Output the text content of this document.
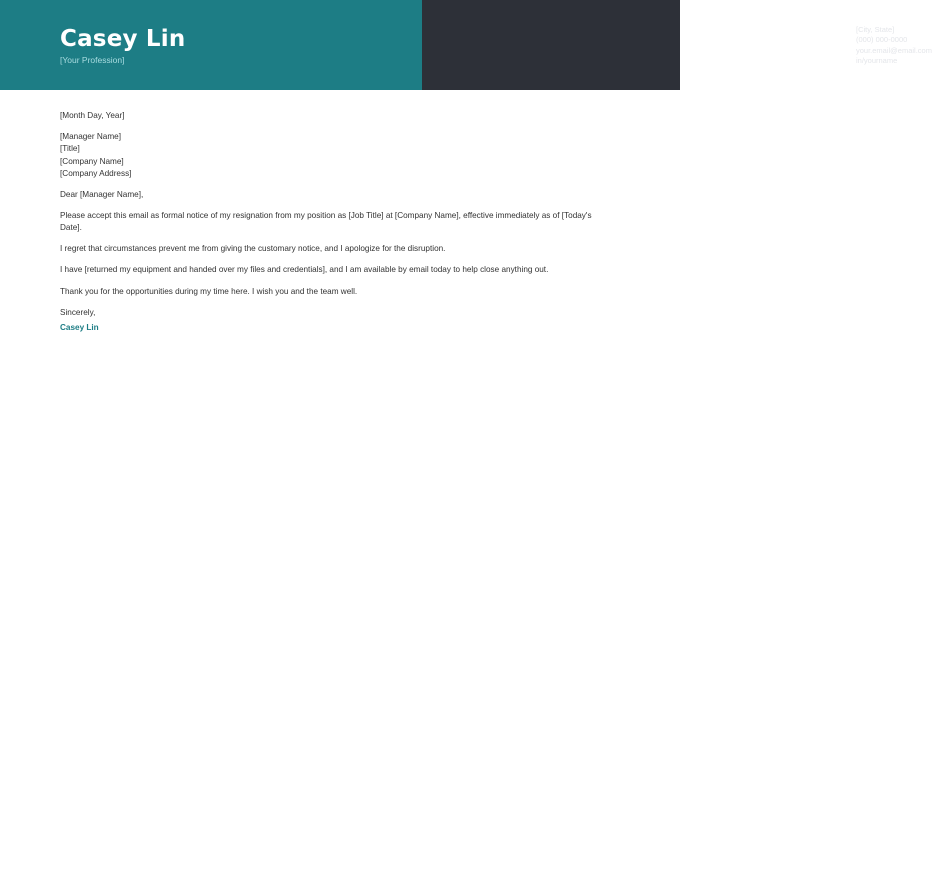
Casey Lin
[Your Profession]
[City, State]
(000) 000-0000
your.email@email.com
in/yourname

[Month Day, Year]

[Manager Name]
[Title]
[Company Name]
[Company Address]

Dear [Manager Name],

Please accept this email as formal notice of my resignation from my position as [Job Title] at [Company Name], effective immediately as of [Today's Date].

I regret that circumstances prevent me from giving the customary notice, and I apologize for the disruption.

I have [returned my equipment and handed over my files and credentials], and I am available by email today to help close anything out.

Thank you for the opportunities during my time here. I wish you and the team well.

Sincerely,

Casey Lin
